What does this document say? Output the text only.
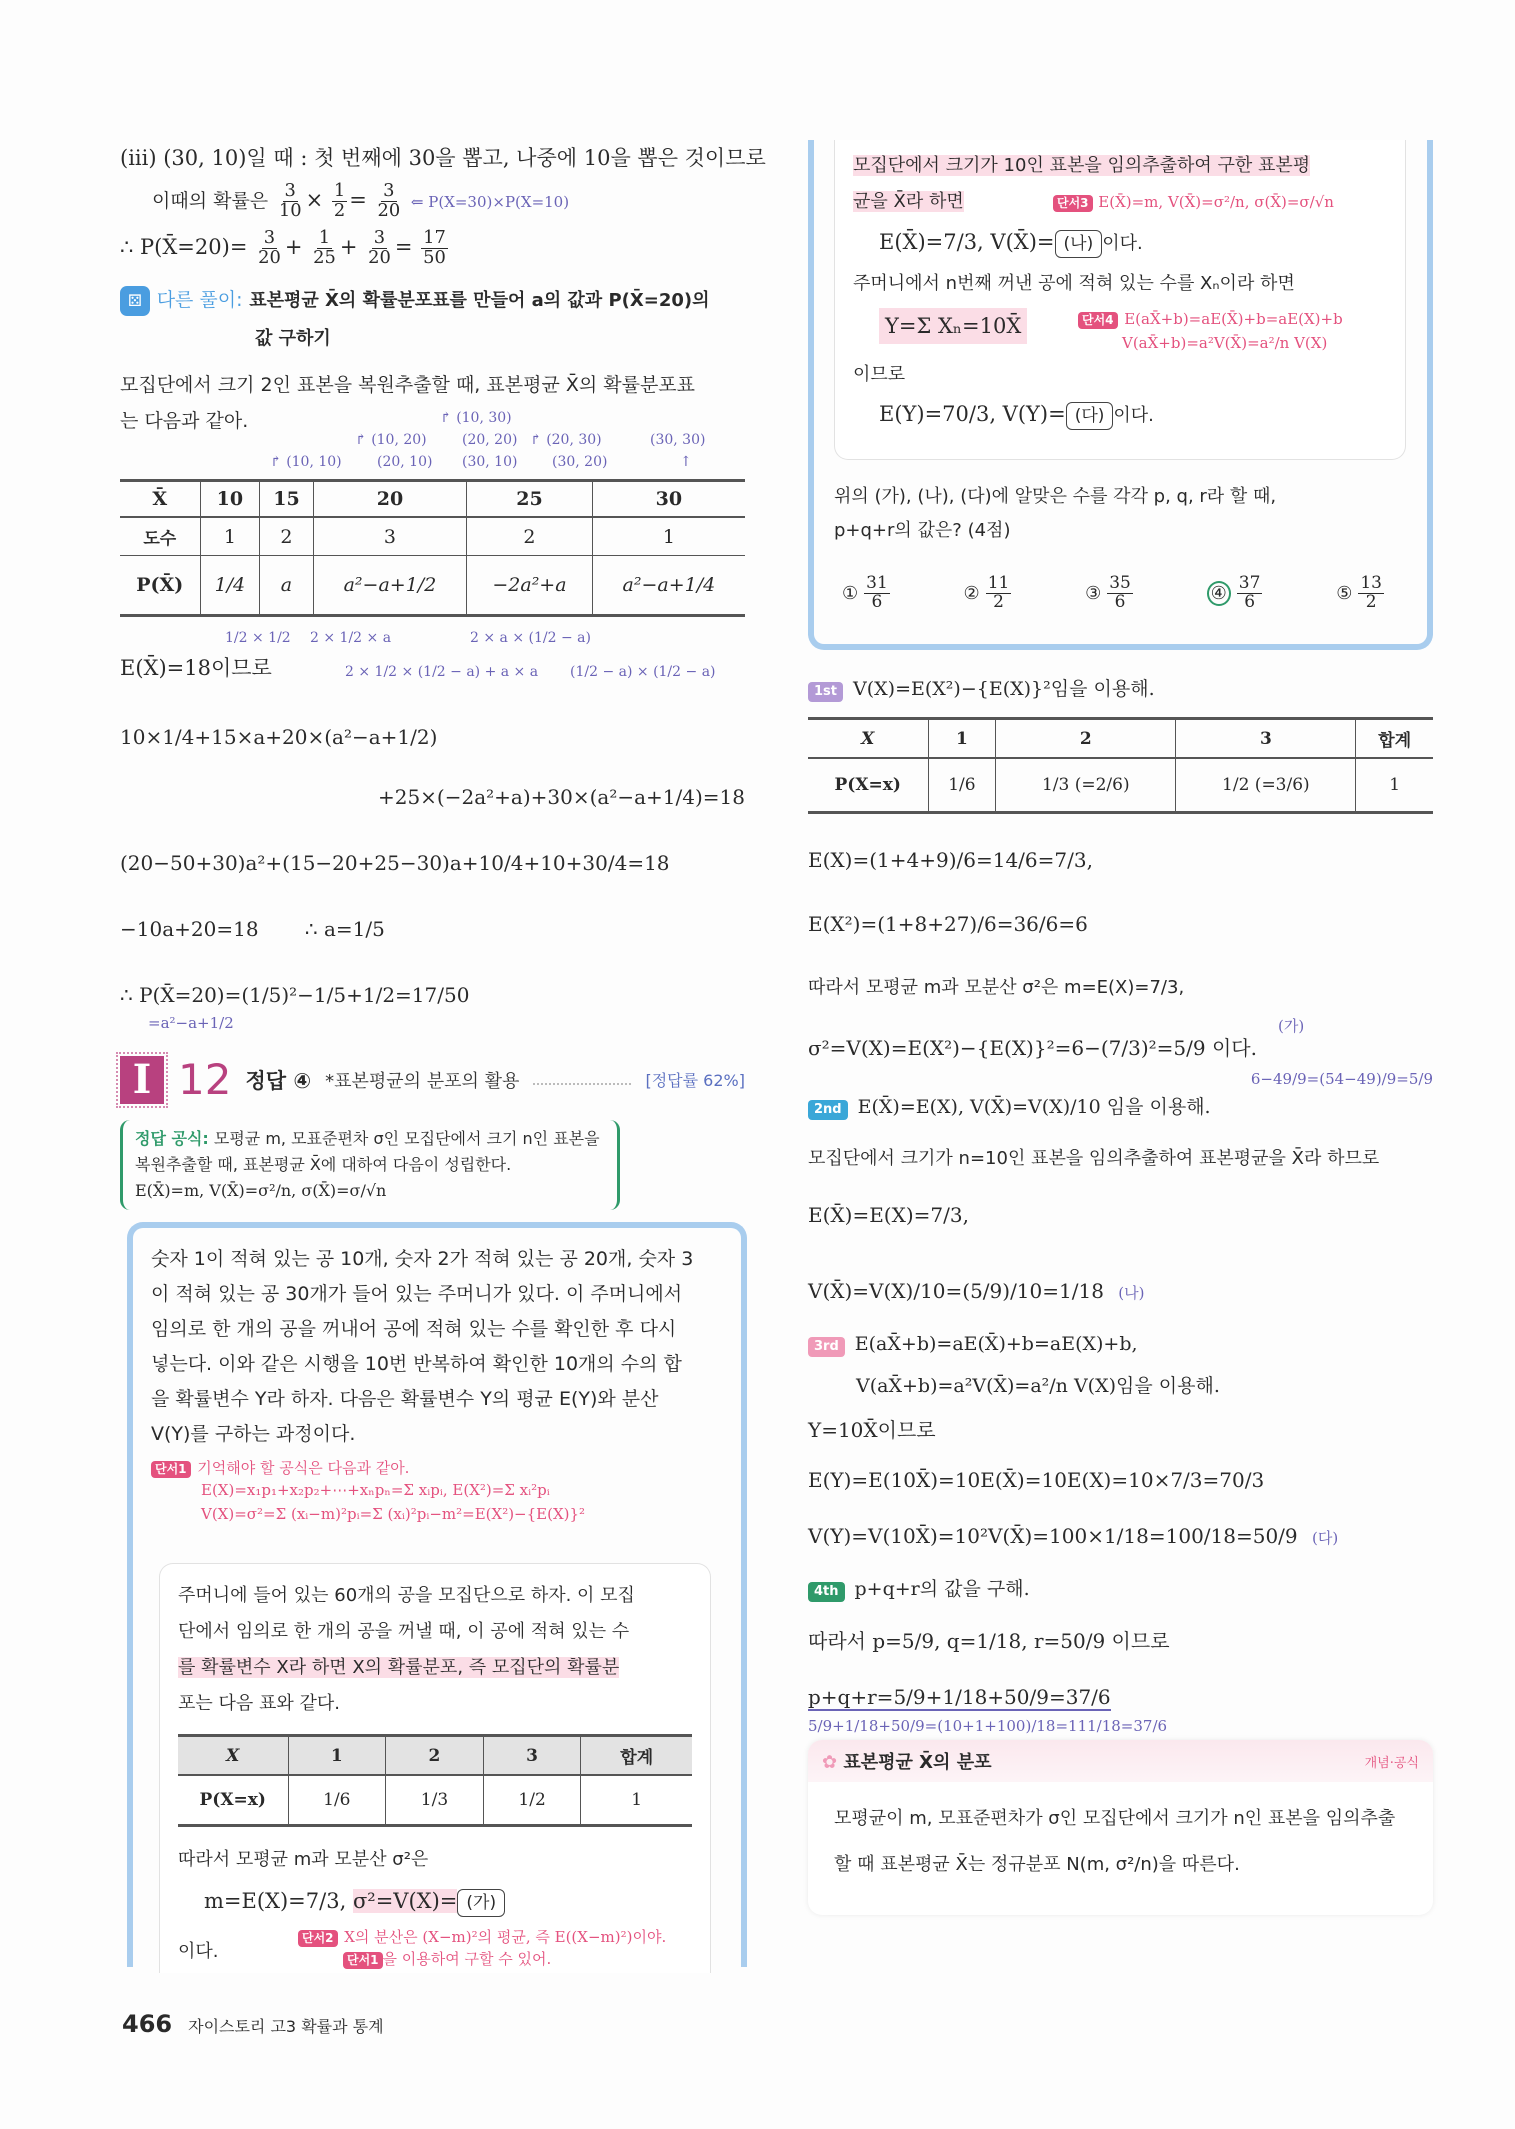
(iii) (30, 10)일 때 : 첫 번째에 30을 뽑고, 나중에 10을 뽑은 것이므로
이때의 확률은 $\frac{3}{10} \times \frac{1}{2} = \frac{3}{20}$ ⇐ P(X=30)×P(X=10)
∴ P(X̄=20)= $\frac{3}{20} + \frac{1}{25} + \frac{3}{20} = \frac{17}{50}$
⚄ 다른 풀이: 표본평균 X̄의 확률분포표를 만들어 a의 값과 P(X̄=20)의
값 구하기
모집단에서 크기 2인 표본을 복원추출할 때, 표본평균 X̄의 확률분포표
는 다음과 같아.
↱ (10, 10)
↱ (10, 20)
(20, 10)
↱ (10, 30)
(20, 20)
(30, 10)
↱ (20, 30)
(30, 20)
(30, 30)
↑
X̄	10	15	20	25	30
도수	1	2	3	2	1
P(X̄)	1/4	a	a²−a+1/2	−2a²+a	a²−a+1/4
1/2 × 1/2 2 × 1/2 × a
2 × 1/2 × (1/2 − a) + a × a
2 × a × (1/2 − a)
(1/2 − a) × (1/2 − a)
E(X̄)=18이므로
10×1/4+15×a+20×(a²−a+1/2)
+25×(−2a²+a)+30×(a²−a+1/4)=18
(20−50+30)a²+(15−20+25−30)a+10/4+10+30/4=18
−10a+20=18 ∴ a=1/5
∴ P(X̄=20)=(1/5)²−1/5+1/2=17/50
=a²−a+1/2
I 12 정답 ④ *표본평균의 분포의 활용	[정답률 62%]
정답 공식: 모평균 m, 모표준편차 σ인 모집단에서 크기 n인 표본을
복원추출할 때, 표본평균 X̄에 대하여 다음이 성립한다.
E(X̄)=m, V(X̄)=σ²/n, σ(X̄)=σ/√n
숫자 1이 적혀 있는 공 10개, 숫자 2가 적혀 있는 공 20개, 숫자 3
이 적혀 있는 공 30개가 들어 있는 주머니가 있다. 이 주머니에서
임의로 한 개의 공을 꺼내어 공에 적혀 있는 수를 확인한 후 다시
넣는다. 이와 같은 시행을 10번 반복하여 확인한 10개의 수의 합
을 확률변수 Y라 하자. 다음은 확률변수 Y의 평균 E(Y)와 분산
V(Y)를 구하는 과정이다.
단서1 기억해야 할 공식은 다음과 같아.
E(X)=x₁p₁+x₂p₂+⋯+xₙpₙ=Σ xᵢpᵢ, E(X²)=Σ xᵢ²pᵢ
V(X)=σ²=Σ (xᵢ−m)²pᵢ=Σ (xᵢ)²pᵢ−m²=E(X²)−{E(X)}²
주머니에 들어 있는 60개의 공을 모집단으로 하자. 이 모집
단에서 임의로 한 개의 공을 꺼낼 때, 이 공에 적혀 있는 수
를 확률변수 X라 하면 X의 확률분포, 즉 모집단의 확률분
포는 다음 표와 같다.
X	1	2	3	합계
P(X=x)	1/6	1/3	1/2	1
따라서 모평균 m과 모분산 σ²은
m=E(X)=7/3, σ²=V(X)= (가)
이다.
단서2 X의 분산은 (X−m)²의 평균, 즉 E((X−m)²)이야.
단서1 을 이용하여 구할 수 있어.
모집단에서 크기가 10인 표본을 임의추출하여 구한 표본평
균을 X̄라 하면	단서3 E(X̄)=m, V(X̄)=σ²/n, σ(X̄)=σ/√n
E(X̄)=7/3, V(X̄)= (나) 이다.
주머니에서 n번째 꺼낸 공에 적혀 있는 수를 Xₙ이라 하면
Y=Σ Xₙ=10X̄	단서4 E(aX̄+b)=aE(X̄)+b=aE(X)+b
V(aX̄+b)=a²V(X̄)=a²/n V(X)
이므로
E(Y)=70/3, V(Y)= (다) 이다.
위의 (가), (나), (다)에 알맞은 수를 각각 p, q, r라 할 때,
p+q+r의 값은? (4점)
① $\frac{31}{6}$	② $\frac{11}{2}$	③ $\frac{35}{6}$	④ $\frac{37}{6}$	⑤ $\frac{13}{2}$
1st V(X)=E(X²)−{E(X)}²임을 이용해.
X	1	2	3	합계
P(X=x)	1/6	1/3 (=2/6)	1/2 (=3/6)	1
E(X)=(1+4+9)/6=14/6=7/3,
E(X²)=(1+8+27)/6=36/6=6
따라서 모평균 m과 모분산 σ²은 m=E(X)=7/3,
σ²=V(X)=E(X²)−{E(X)}²=6−(7/3)²=5/9 이다.
(가)
6−49/9=(54−49)/9=5/9
2nd E(X̄)=E(X), V(X̄)=V(X)/10 임을 이용해.
모집단에서 크기가 n=10인 표본을 임의추출하여 표본평균을 X̄라 하므로
E(X̄)=E(X)=7/3,
V(X̄)=V(X)/10=(5/9)/10=1/18 (나)
3rd E(aX̄+b)=aE(X̄)+b=aE(X)+b,
V(aX̄+b)=a²V(X̄)=a²/n V(X)임을 이용해.
Y=10X̄이므로
E(Y)=E(10X̄)=10E(X̄)=10E(X)=10×7/3=70/3
V(Y)=V(10X̄)=10²V(X̄)=100×1/18=100/18=50/9 (다)
4th p+q+r의 값을 구해.
따라서 p=5/9, q=1/18, r=50/9 이므로
p+q+r=5/9+1/18+50/9=37/6
5/9+1/18+50/9=(10+1+100)/18=111/18=37/6
✿ 표본평균 X̄의 분포	개념·공식
모평균이 m, 모표준편차가 σ인 모집단에서 크기가 n인 표본을 임의추출
할 때 표본평균 X̄는 정규분포 N(m, σ²/n)을 따른다.
466 자이스토리 고3 확률과 통계
